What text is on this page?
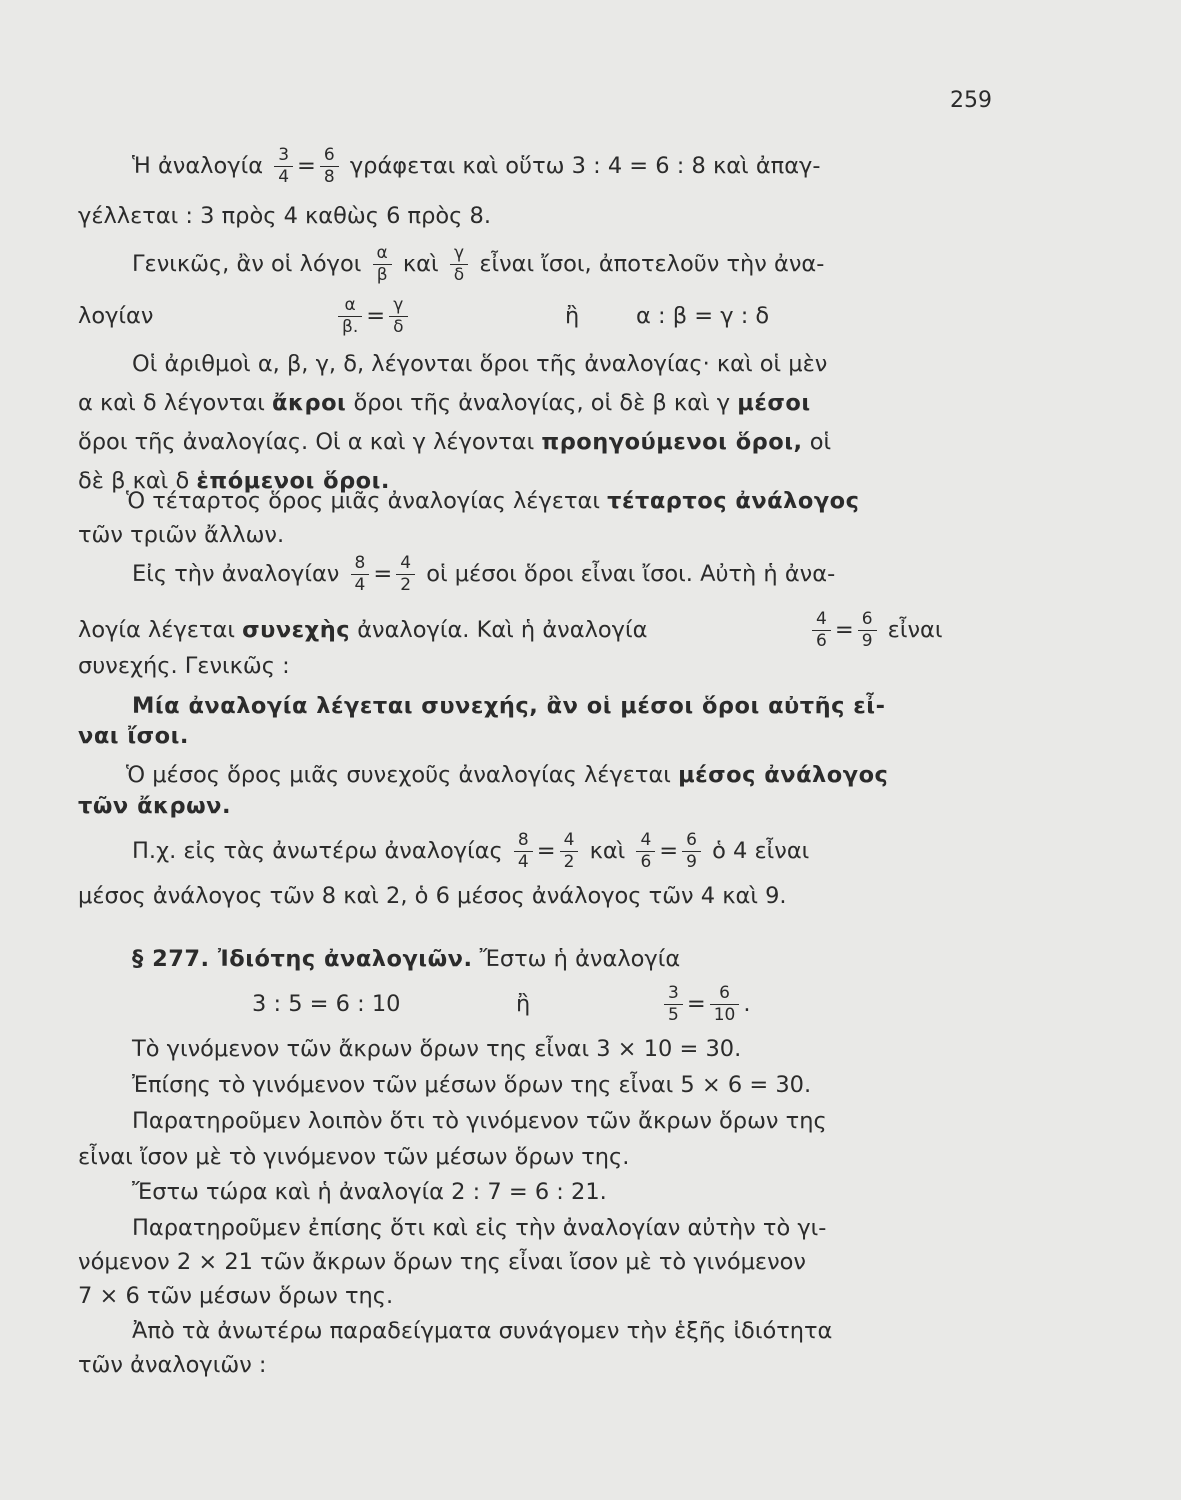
259
Ἡ ἀναλογία $\frac{3}{4} = \frac{6}{8}$ γράφεται καὶ οὕτω 3 : 4 = 6 : 8 καὶ ἀπαγ-
γέλλεται : 3 πρὸς 4 καθὼς 6 πρὸς 8.
Γενικῶς, ἂν οἱ λόγοι $\frac{\alpha}{\beta}$ καὶ $\frac{\gamma}{\delta}$ εἶναι ἴσοι, ἀποτελοῦν τὴν ἀνα-
λογίαν	$\frac{\alpha}{\beta.} = \frac{\gamma}{\delta}$	ἢ	α : β = γ : δ
Οἱ ἀριθμοὶ α, β, γ, δ, λέγονται ὅροι τῆς ἀναλογίας· καὶ οἱ μὲν
α καὶ δ λέγονται ἄκροι ὅροι τῆς ἀναλογίας, οἱ δὲ β καὶ γ μέσοι
ὅροι τῆς ἀναλογίας. Οἱ α καὶ γ λέγονται προηγούμενοι ὅροι, οἱ
δὲ β καὶ δ ἑπόμενοι ὅροι.
Ὁ τέταρτος ὅρος μιᾶς ἀναλογίας λέγεται τέταρτος ἀνάλογος
τῶν τριῶν ἄλλων.
Εἰς τὴν ἀναλογίαν $\frac{8}{4} = \frac{4}{2}$ οἱ μέσοι ὅροι εἶναι ἴσοι. Αὐτὴ ἡ ἀνα-
λογία λέγεται συνεχὴς ἀναλογία. Καὶ ἡ ἀναλογία	$\frac{4}{6} = \frac{6}{9}$ εἶναι
συνεχής. Γενικῶς :
Μία ἀναλογία λέγεται συνεχής, ἂν οἱ μέσοι ὅροι αὐτῆς εἶ-
ναι ἴσοι.
Ὁ μέσος ὅρος μιᾶς συνεχοῦς ἀναλογίας λέγεται μέσος ἀνάλογος
τῶν ἄκρων.
Π.χ. εἰς τὰς ἀνωτέρω ἀναλογίας $\frac{8}{4} = \frac{4}{2}$ καὶ $\frac{4}{6} = \frac{6}{9}$ ὁ 4 εἶναι
μέσος ἀνάλογος τῶν 8 καὶ 2, ὁ 6 μέσος ἀνάλογος τῶν 4 καὶ 9.
§ 277. Ἰδιότης ἀναλογιῶν. Ἔστω ἡ ἀναλογία
3 : 5 = 6 : 10	ἢ	$\frac{3}{5} = \frac{6}{10}$ .
Τὸ γινόμενον τῶν ἄκρων ὅρων της εἶναι 3 × 10 = 30.
Ἐπίσης τὸ γινόμενον τῶν μέσων ὅρων της εἶναι 5 × 6 = 30.
Παρατηροῦμεν λοιπὸν ὅτι τὸ γινόμενον τῶν ἄκρων ὅρων της
εἶναι ἴσον μὲ τὸ γινόμενον τῶν μέσων ὅρων της.
Ἔστω τώρα καὶ ἡ ἀναλογία 2 : 7 = 6 : 21.
Παρατηροῦμεν ἐπίσης ὅτι καὶ εἰς τὴν ἀναλογίαν αὐτὴν τὸ γι-
νόμενον 2 × 21 τῶν ἄκρων ὅρων της εἶναι ἴσον μὲ τὸ γινόμενον
7 × 6 τῶν μέσων ὅρων της.
Ἀπὸ τὰ ἀνωτέρω παραδείγματα συνάγομεν τὴν ἑξῆς ἰδιότητα
τῶν ἀναλογιῶν :
